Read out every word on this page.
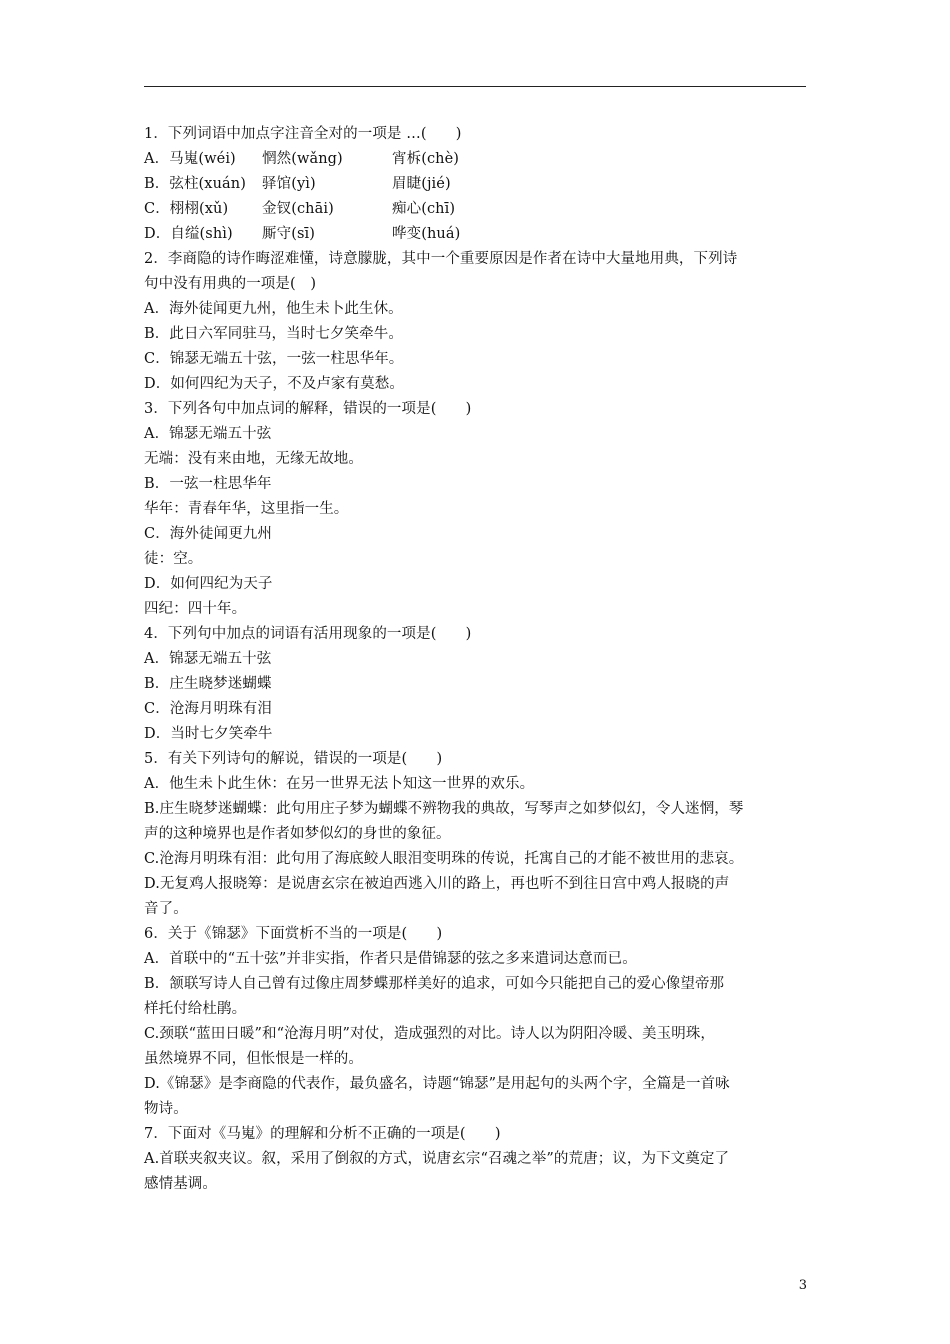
1．下列词语中加点字注音全对的一项是 …(　　)
A．马嵬(wéi)	惘然(wǎng)	宵柝(chè)
B．弦柱(xuán)	驿馆(yì)	眉睫(jié)
C．栩栩(xǔ)	金钗(chāi)	痴心(chī)
D．自缢(shì)	厮守(sī)	哗变(huá)
2．李商隐的诗作晦涩难懂，诗意朦胧，其中一个重要原因是作者在诗中大量地用典，下列诗
句中没有用典的一项是(　)
A．海外徒闻更九州，他生未卜此生休。
B．此日六军同驻马，当时七夕笑牵牛。
C．锦瑟无端五十弦，一弦一柱思华年。
D．如何四纪为天子，不及卢家有莫愁。
3．下列各句中加点词的解释，错误的一项是(　　)
A．锦瑟无端五十弦
无端：没有来由地，无缘无故地。
B．一弦一柱思华年
华年：青春年华，这里指一生。
C．海外徒闻更九州
徒：空。
D．如何四纪为天子
四纪：四十年。
4．下列句中加点的词语有活用现象的一项是(　　)
A．锦瑟无端五十弦
B．庄生晓梦迷蝴蝶
C．沧海月明珠有泪
D．当时七夕笑牵牛
5．有关下列诗句的解说，错误的一项是(　　)
A．他生未卜此生休：在另一世界无法卜知这一世界的欢乐。
B.庄生晓梦迷蝴蝶：此句用庄子梦为蝴蝶不辨物我的典故，写琴声之如梦似幻，令人迷惘，琴
声的这种境界也是作者如梦似幻的身世的象征。
C.沧海月明珠有泪：此句用了海底鲛人眼泪变明珠的传说，托寓自己的才能不被世用的悲哀。
D.无复鸡人报晓筹：是说唐玄宗在被迫西逃入川的路上，再也听不到往日宫中鸡人报晓的声
音了。
6．关于《锦瑟》下面赏析不当的一项是(　　)
A．首联中的“五十弦”并非实指，作者只是借锦瑟的弦之多来遣词达意而已。
B．颔联写诗人自己曾有过像庄周梦蝶那样美好的追求，可如今只能把自己的爱心像望帝那
样托付给杜鹃。
C.颈联“蓝田日暖”和“沧海月明”对仗，造成强烈的对比。诗人以为阴阳冷暖、美玉明珠，
虽然境界不同，但怅恨是一样的。
D.《锦瑟》是李商隐的代表作，最负盛名，诗题“锦瑟”是用起句的头两个字，全篇是一首咏
物诗。
7．下面对《马嵬》的理解和分析不正确的一项是(　　)
A.首联夹叙夹议。叙，采用了倒叙的方式，说唐玄宗“召魂之举”的荒唐；议，为下文奠定了
感情基调。
3
